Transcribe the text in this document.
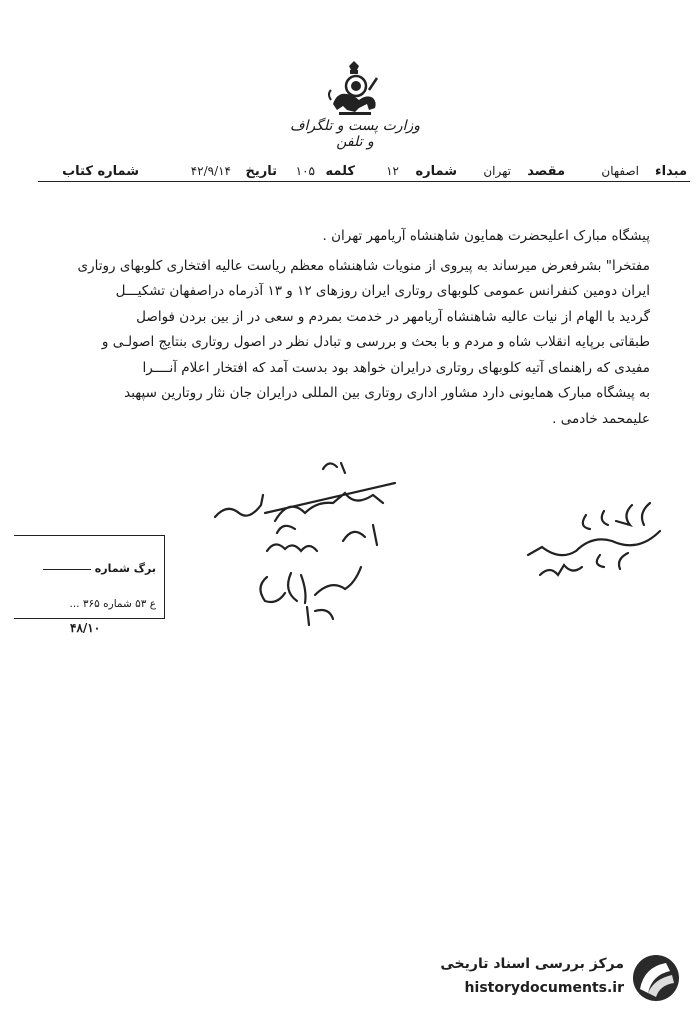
وزارت پست و تلگراف و تلفن
مبداء
اصفهان
مقصد
تهران
شماره
۱۲
کلمه
۱۰۵
تاریخ
۴۲/۹/۱۴
شماره کتاب

پیشگاه مبارک اعلیحضرت همایون شاهنشاه آریامهر تهران .

مفتخرا" بشرفعرض میرساند به پیروی از منویات شاهنشاه معظم ریاست عالیه افتخاری کلوبهای روتاری

ایران دومین کنفرانس عمومی کلوبهای روتاری ایران روزهای ۱۲ و ۱۳ آذرماه دراصفهان تشکیـــل

گردید با الهام از نیات عالیه شاهنشاه آریامهر در خدمت بمردم و سعی در از بین بردن فواصل

طبقاتی برپایه انقلاب شاه و مردم و با بحث و بررسی و تبادل نظر در اصول روتاری بنتایج اصولـی و

مفیدی که راهنمای آتیه کلوبهای روتاری درایران خواهد بود بدست آمد که افتخار اعلام آنــــرا

به پیشگاه مبارک همایونی دارد مشاور اداری روتاری بین المللی درایران جان نثار روتارین سپهبد

علیمحمد خادمی .

برگ شماره
ع ۵۳ شماره ۳۶۵ ...
۴۸/۱۰
مرکز بررسی اسناد تاریخی
historydocuments.ir
